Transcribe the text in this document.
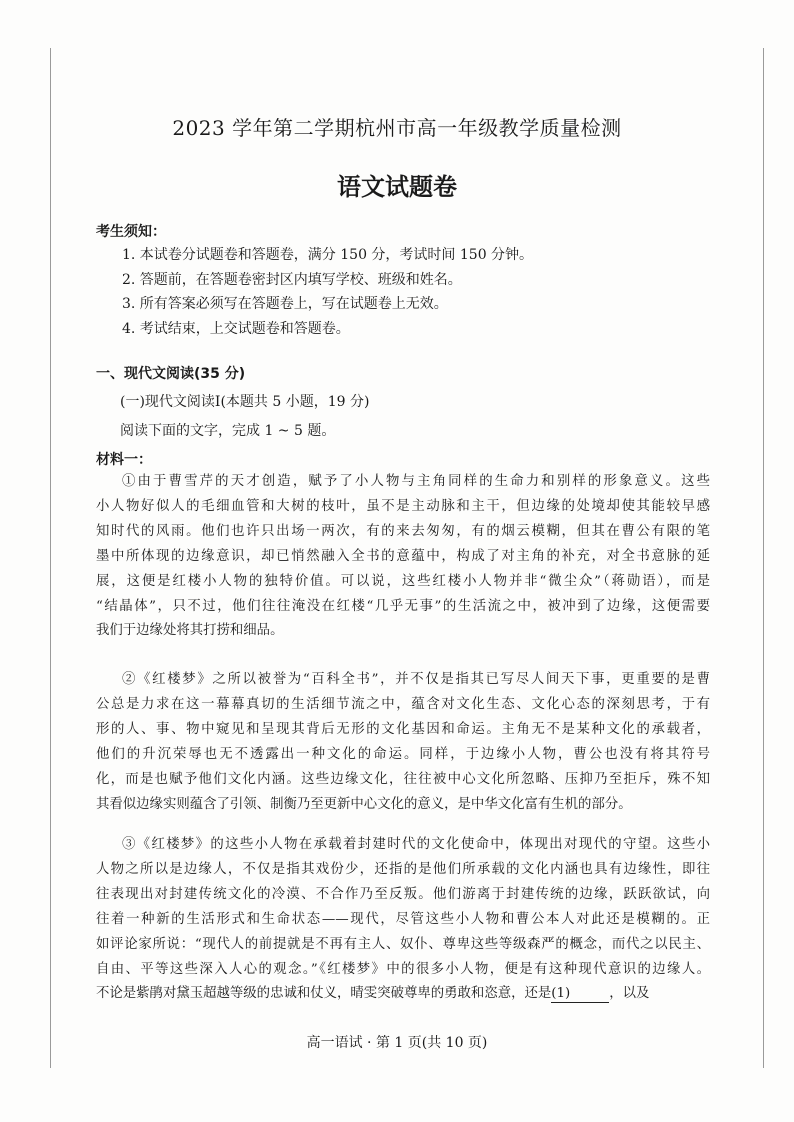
2023 学年第二学期杭州市高一年级教学质量检测
语文试题卷
考生须知：
1. 本试卷分试题卷和答题卷，满分 150 分，考试时间 150 分钟。
2. 答题前，在答题卷密封区内填写学校、班级和姓名。
3. 所有答案必须写在答题卷上，写在试题卷上无效。
4. 考试结束，上交试题卷和答题卷。
一、现代文阅读(35 分)
(一)现代文阅读Ⅰ(本题共 5 小题，19 分)
阅读下面的文字，完成 1 ~ 5 题。
材料一：
①由于曹雪芹的天才创造，赋予了小人物与主角同样的生命力和别样的形象意义。这些
小人物好似人的毛细血管和大树的枝叶，虽不是主动脉和主干，但边缘的处境却使其能较早感
知时代的风雨。他们也许只出场一两次，有的来去匆匆，有的烟云模糊，但其在曹公有限的笔
墨中所体现的边缘意识，却已悄然融入全书的意蕴中，构成了对主角的补充，对全书意脉的延
展，这便是红楼小人物的独特价值。可以说，这些红楼小人物并非“微尘众”（蒋勋语），而是
“结晶体”，只不过，他们往往淹没在红楼“几乎无事”的生活流之中，被冲到了边缘，这便需要
我们于边缘处将其打捞和细品。
②《红楼梦》之所以被誉为“百科全书”，并不仅是指其已写尽人间天下事，更重要的是曹
公总是力求在这一幕幕真切的生活细节流之中，蕴含对文化生态、文化心态的深刻思考，于有
形的人、事、物中窥见和呈现其背后无形的文化基因和命运。主角无不是某种文化的承载者，
他们的升沉荣辱也无不透露出一种文化的命运。同样，于边缘小人物，曹公也没有将其符号
化，而是也赋予他们文化内涵。这些边缘文化，往往被中心文化所忽略、压抑乃至拒斥，殊不知
其看似边缘实则蕴含了引领、制衡乃至更新中心文化的意义，是中华文化富有生机的部分。
③《红楼梦》的这些小人物在承载着封建时代的文化使命中，体现出对现代的守望。这些小
人物之所以是边缘人，不仅是指其戏份少，还指的是他们所承载的文化内涵也具有边缘性，即往
往表现出对封建传统文化的冷漠、不合作乃至反叛。他们游离于封建传统的边缘，跃跃欲试，向
往着一种新的生活形式和生命状态——现代，尽管这些小人物和曹公本人对此还是模糊的。正
如评论家所说：“现代人的前提就是不再有主人、奴仆、尊卑这些等级森严的概念，而代之以民主、
自由、平等这些深入人心的观念。”《红楼梦》中的很多小人物，便是有这种现代意识的边缘人。
不论是紫鹃对黛玉超越等级的忠诚和仗义，晴雯突破尊卑的勇敢和恣意，还是(1)	，以及
高一语试 · 第 1 页(共 10 页)
